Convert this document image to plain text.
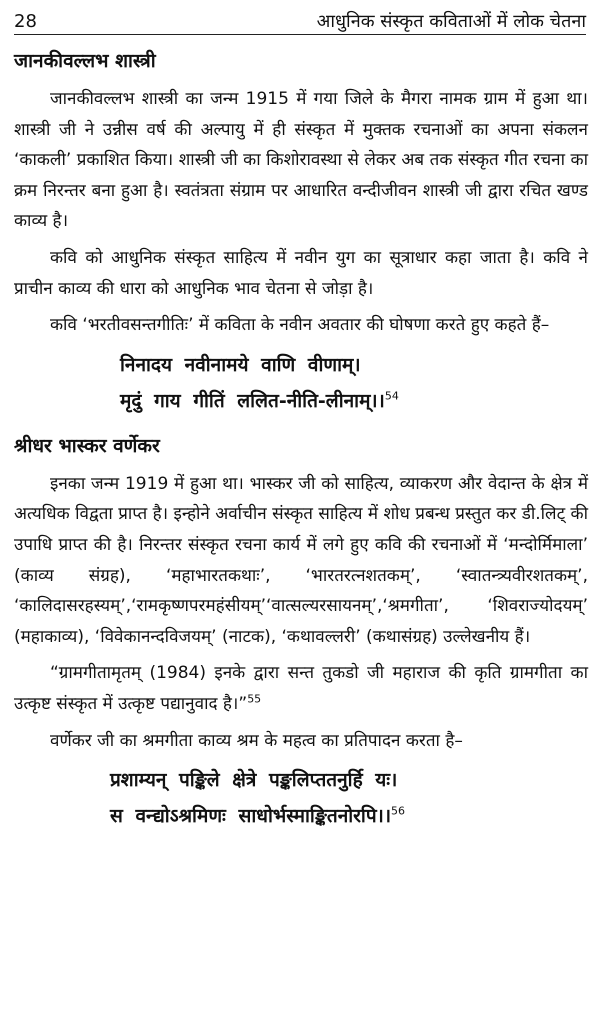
28	आधुनिक संस्कृत कविताओं में लोक चेतना
जानकीवल्लभ शास्त्री

जानकीवल्लभ शास्त्री का जन्म 1915 में गया जिले के मैगरा नामक ग्राम में हुआ था। शास्त्री जी ने उन्नीस वर्ष की अल्पायु में ही संस्कृत में मुक्तक रचनाओं का अपना संकलन ‘काकली’ प्रकाशित किया। शास्त्री जी का किशोरावस्था से लेकर अब तक संस्कृत गीत रचना का क्रम निरन्तर बना हुआ है। स्वतंत्रता संग्राम पर आधारित वन्दीजीवन शास्त्री जी द्वारा रचित खण्ड काव्य है।

कवि को आधुनिक संस्कृत साहित्य में नवीन युग का सूत्राधार कहा जाता है। कवि ने प्राचीन काव्य की धारा को आधुनिक भाव चेतना से जोड़ा है।

कवि ‘भरतीवसन्तगीतिः’ में कविता के नवीन अवतार की घोषणा करते हुए कहते हैं–

निनादय नवीनामये वाणि वीणाम्।
मृदुं गाय गीतिं ललित-नीति-लीनाम्।।$^{54}$
श्रीधर भास्कर वर्णेकर

इनका जन्म 1919 में हुआ था। भास्कर जी को साहित्य, व्याकरण और वेदान्त के क्षेत्र में अत्यधिक विद्वता प्राप्त है। इन्होने अर्वाचीन संस्कृत साहित्य में शोध प्रबन्ध प्रस्तुत कर डी.लिट् की उपाधि प्राप्त की है। निरन्तर संस्कृत रचना कार्य में लगे हुए कवि की रचनाओं में ‘मन्दोर्मिमाला’ (काव्य संग्रह), ‘महाभारतकथाः’, ‘भारतरत्नशतकम्’, ‘स्वातन्त्र्यवीरशतकम्’, ‘कालिदासरहस्यम्’,‘रामकृष्णपरमहंसीयम्’‘वात्सल्यरसायनम्’,‘श्रमगीता’, ‘शिवराज्योदयम्’ (महाकाव्य), ‘विवेकानन्दविजयम्’ (नाटक), ‘कथावल्लरी’ (कथासंग्रह) उल्लेखनीय हैं।

“ग्रामगीतामृतम् (1984) इनके द्वारा सन्त तुकडो जी महाराज की कृति ग्रामगीता का उत्कृष्ट संस्कृत में उत्कृष्ट पद्यानुवाद है।”$^{55}$

वर्णेकर जी का श्रमगीता काव्य श्रम के महत्व का प्रतिपादन करता है–

प्रशाम्यन् पङ्किले क्षेत्रे पङ्कलिप्ततनुर्हि यः।
स वन्द्योऽश्रमिणः साधोर्भस्माङ्कितनोरपि।।$^{56}$
